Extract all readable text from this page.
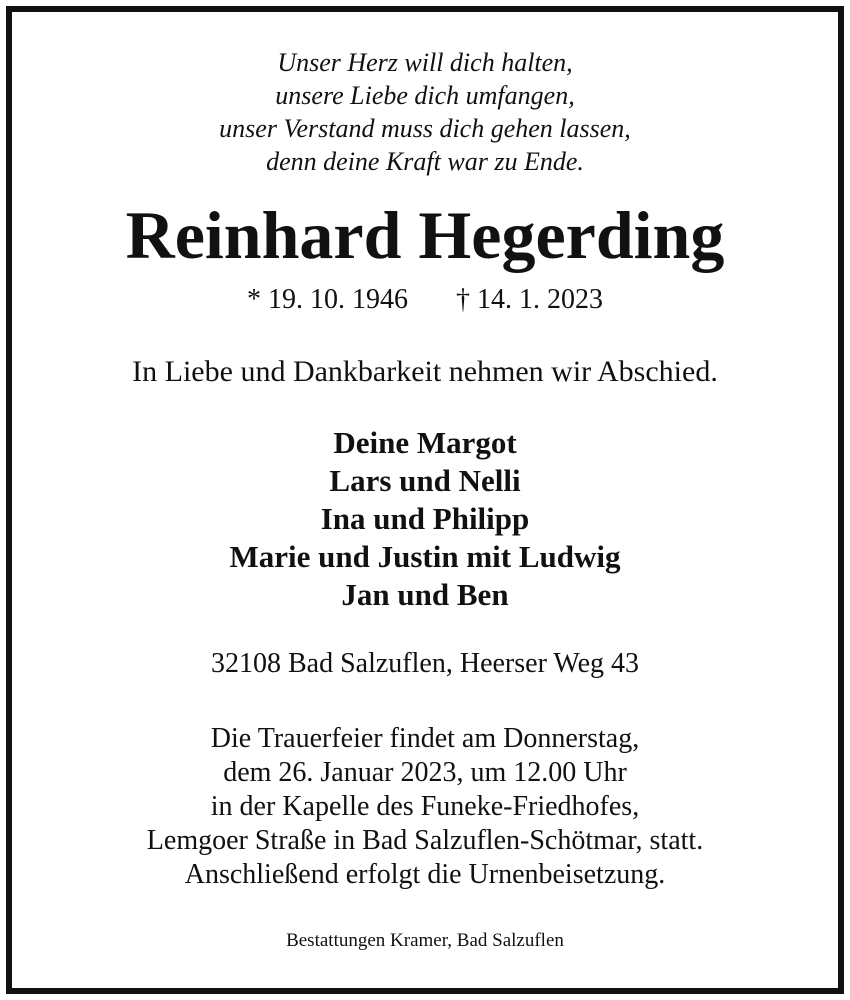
Unser Herz will dich halten,
unsere Liebe dich umfangen,
unser Verstand muss dich gehen lassen,
denn deine Kraft war zu Ende.
Reinhard Hegerding
* 19. 10. 1946 † 14. 1. 2023
In Liebe und Dankbarkeit nehmen wir Abschied.
Deine Margot
Lars und Nelli
Ina und Philipp
Marie und Justin mit Ludwig
Jan und Ben
32108 Bad Salzuflen, Heerser Weg 43
Die Trauerfeier findet am Donnerstag,
dem 26. Januar 2023, um 12.00 Uhr
in der Kapelle des Funeke-Friedhofes,
Lemgoer Straße in Bad Salzuflen-Schötmar, statt.
Anschließend erfolgt die Urnenbeisetzung.
Bestattungen Kramer, Bad Salzuflen
